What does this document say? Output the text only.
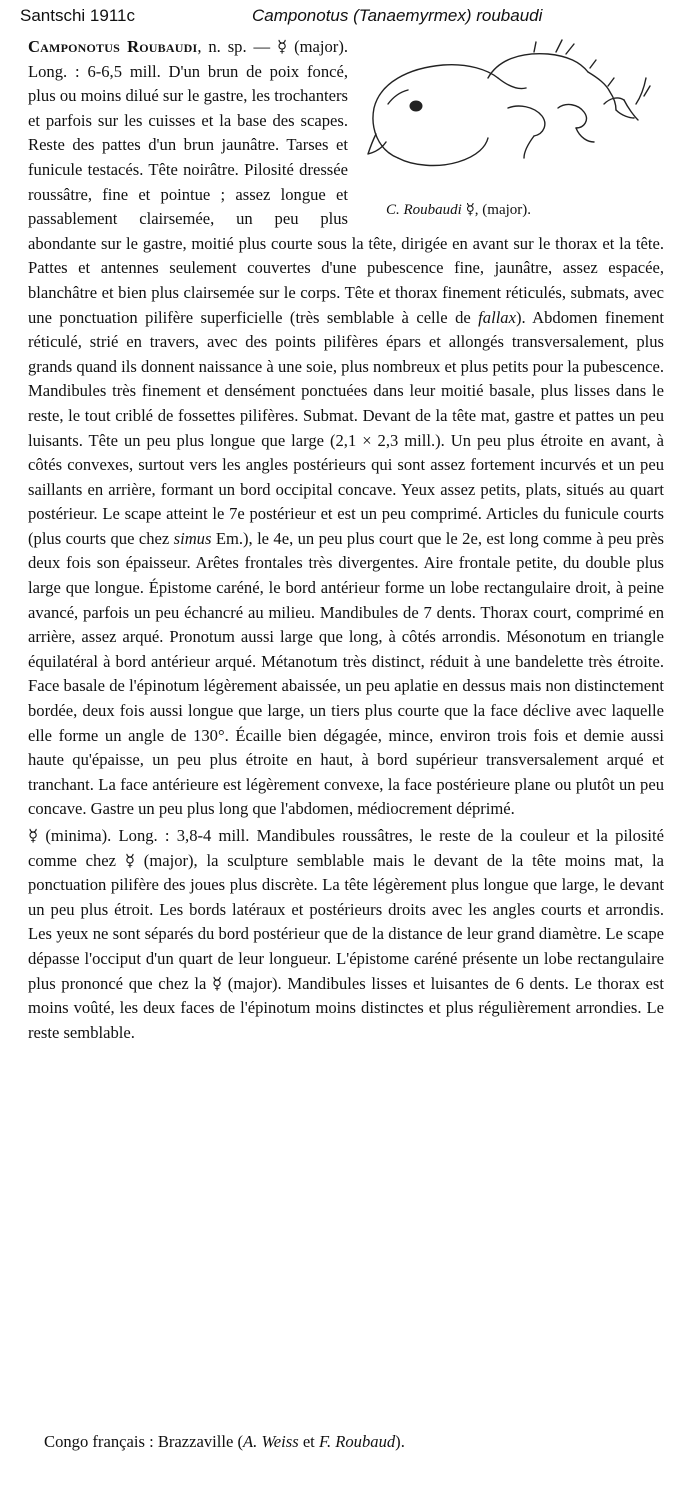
Santschi 1911c	Camponotus (Tanaemyrmex) roubaudi

C. Roubaudi ☿, (major).
Camponotus Roubaudi, n. sp. — ☿ (major). Long. : 6-6,5 mill. D'un brun de poix foncé, plus ou moins dilué sur le gastre, les trochanters et parfois sur les cuisses et la base des scapes. Reste des pattes d'un brun jaunâtre. Tarses et funicule testacés. Tête noirâtre. Pilosité dressée roussâtre, fine et pointue ; assez longue et passablement clairsemée, un peu plus abondante sur le gastre, moitié plus courte sous la tête, dirigée en avant sur le thorax et la tête. Pattes et antennes seulement couvertes d'une pubescence fine, jaunâtre, assez espacée, blanchâtre et bien plus clairsemée sur le corps. Tête et thorax finement réticulés, submats, avec une ponctuation pilifère superficielle (très semblable à celle de fallax). Abdomen finement réticulé, strié en travers, avec des points pilifères épars et allongés transversalement, plus grands quand ils donnent naissance à une soie, plus nombreux et plus petits pour la pubescence. Mandibules très finement et densément ponctuées dans leur moitié basale, plus lisses dans le reste, le tout criblé de fossettes pilifères. Submat. Devant de la tête mat, gastre et pattes un peu luisants. Tête un peu plus longue que large (2,1 × 2,3 mill.). Un peu plus étroite en avant, à côtés convexes, surtout vers les angles postérieurs qui sont assez fortement incurvés et un peu saillants en arrière, formant un bord occipital concave. Yeux assez petits, plats, situés au quart postérieur. Le scape atteint le 7e postérieur et est un peu comprimé. Articles du funicule courts (plus courts que chez simus Em.), le 4e, un peu plus court que le 2e, est long comme à peu près deux fois son épaisseur. Arêtes frontales très divergentes. Aire frontale petite, du double plus large que longue. Épistome caréné, le bord antérieur forme un lobe rectangulaire droit, à peine avancé, parfois un peu échancré au milieu. Mandibules de 7 dents. Thorax court, comprimé en arrière, assez arqué. Pronotum aussi large que long, à côtés arrondis. Mésonotum en triangle équilatéral à bord antérieur arqué. Métanotum très distinct, réduit à une bandelette très étroite. Face basale de l'épinotum légèrement abaissée, un peu aplatie en dessus mais non distinctement bordée, deux fois aussi longue que large, un tiers plus courte que la face déclive avec laquelle elle forme un angle de 130°. Écaille bien dégagée, mince, environ trois fois et demie aussi haute qu'épaisse, un peu plus étroite en haut, à bord supérieur transversalement arqué et tranchant. La face antérieure est légèrement convexe, la face postérieure plane ou plutôt un peu concave. Gastre un peu plus long que l'abdomen, médiocrement déprimé.

☿ (minima). Long. : 3,8-4 mill. Mandibules roussâtres, le reste de la couleur et la pilosité comme chez ☿ (major), la sculpture semblable mais le devant de la tête moins mat, la ponctuation pilifère des joues plus discrète. La tête légèrement plus longue que large, le devant un peu plus étroit. Les bords latéraux et postérieurs droits avec les angles courts et arrondis. Les yeux ne sont séparés du bord postérieur que de la distance de leur grand diamètre. Le scape dépasse l'occiput d'un quart de leur longueur. L'épistome caréné présente un lobe rectangulaire plus prononcé que chez la ☿ (major). Mandibules lisses et luisantes de 6 dents. Le thorax est moins voûté, les deux faces de l'épinotum moins distinctes et plus régulièrement arrondies. Le reste semblable.

Congo français : Brazzaville (A. Weiss et F. Roubaud).
